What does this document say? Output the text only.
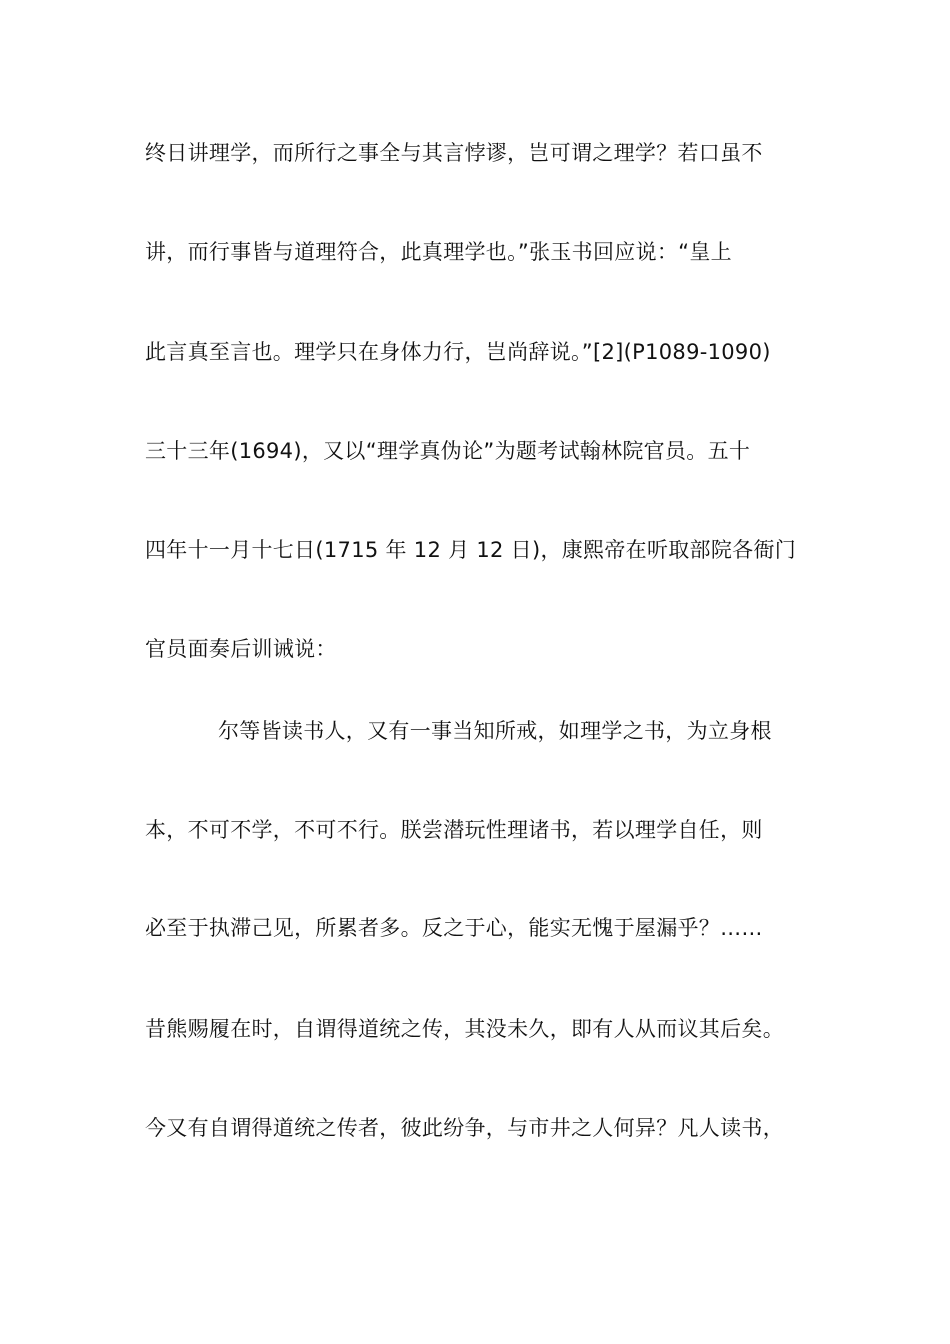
终日讲理学，而所行之事全与其言悖谬，岂可谓之理学？若口虽不
讲，而行事皆与道理符合，此真理学也。”张玉书回应说：“皇上
此言真至言也。理学只在身体力行，岂尚辞说。”[2](P1089-1090)
三十三年(1694)，又以“理学真伪论”为题考试翰林院官员。五十
四年十一月十七日(1715 年 12 月 12 日)，康熙帝在听取部院各衙门
官员面奏后训诫说：
尔等皆读书人，又有一事当知所戒，如理学之书，为立身根
本，不可不学，不可不行。朕尝潜玩性理诸书，若以理学自任，则
必至于执滞己见，所累者多。反之于心，能实无愧于屋漏乎？……
昔熊赐履在时，自谓得道统之传，其没未久，即有人从而议其后矣。
今又有自谓得道统之传者，彼此纷争，与市井之人何异？凡人读书，
